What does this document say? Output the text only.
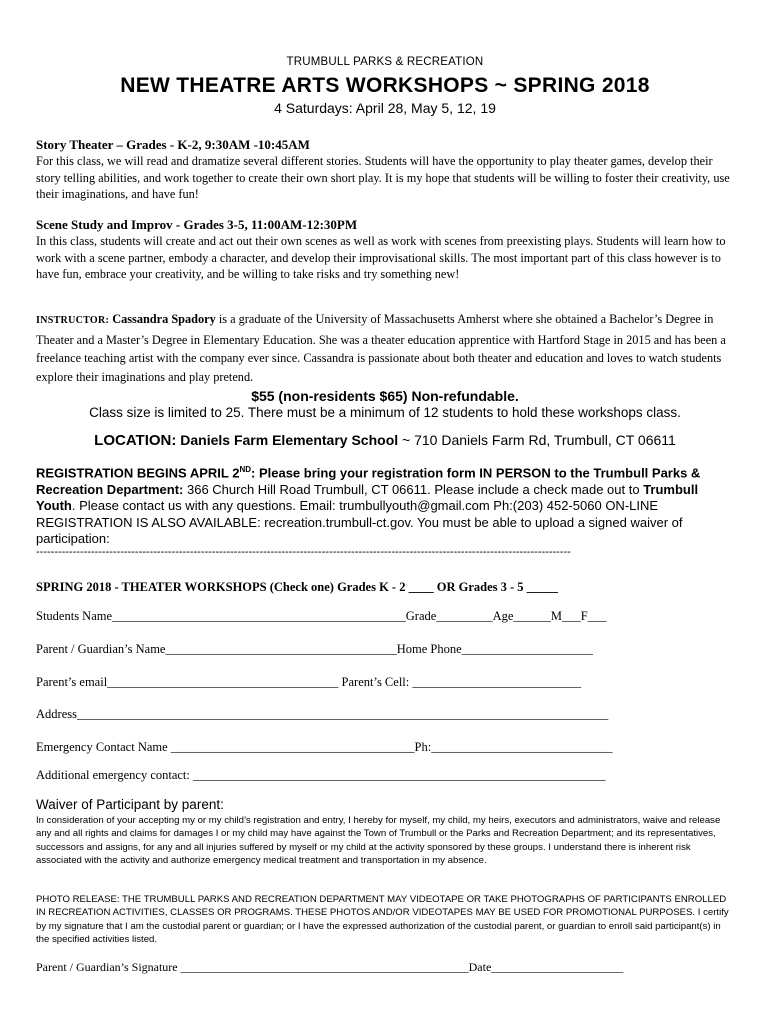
TRUMBULL PARKS & RECREATION
NEW THEATRE ARTS WORKSHOPS ~ SPRING 2018
4 Saturdays: April 28, May 5, 12, 19
Story Theater – Grades - K-2, 9:30AM -10:45AM
For this class, we will read and dramatize several different stories. Students will have the opportunity to play theater games, develop their story telling abilities, and work together to create their own short play. It is my hope that students will be willing to foster their creativity, use their imaginations, and have fun!
Scene Study and Improv - Grades 3-5, 11:00AM-12:30PM
In this class, students will create and act out their own scenes as well as work with scenes from preexisting plays. Students will learn how to work with a scene partner, embody a character, and develop their improvisational skills. The most important part of this class however is to have fun, embrace your creativity, and be willing to take risks and try something new!
INSTRUCTOR: Cassandra Spadory is a graduate of the University of Massachusetts Amherst where she obtained a Bachelor’s Degree in Theater and a Master’s Degree in Elementary Education. She was a theater education apprentice with Hartford Stage in 2015 and has been a freelance teaching artist with the company ever since. Cassandra is passionate about both theater and education and loves to watch students explore their imaginations and play pretend.
$55 (non-residents $65) Non-refundable.
Class size is limited to 25. There must be a minimum of 12 students to hold these workshops class.
LOCATION: Daniels Farm Elementary School ~ 710 Daniels Farm Rd, Trumbull, CT 06611
REGISTRATION BEGINS APRIL 2ND: Please bring your registration form IN PERSON to the Trumbull Parks & Recreation Department: 366 Church Hill Road Trumbull, CT 06611. Please include a check made out to Trumbull Youth. Please contact us with any questions. Email: trumbullyouth@gmail.com Ph:(203) 452-5060 ON-LINE REGISTRATION IS ALSO AVAILABLE: recreation.trumbull-ct.gov. You must be able to upload a signed waiver of participation:
--------------------------------------------------------------------------------------------------------------------------------------------------
SPRING 2018 - THEATER WORKSHOPS (Check one) Grades K - 2 ____ OR Grades 3 - 5 _____
Students Name_______________________________________________Grade_________Age______M___F___
Parent / Guardian’s Name_____________________________________Home Phone_____________________
Parent’s email_____________________________________ Parent’s Cell: ___________________________
Address_____________________________________________________________________________________
Emergency Contact Name _______________________________________Ph:_____________________________
Additional emergency contact: __________________________________________________________________
Waiver of Participant by parent:
In consideration of your accepting my or my child’s registration and entry, I hereby for myself, my child, my heirs, executors and administrators, waive and release any and all rights and claims for damages I or my child may have against the Town of Trumbull or the Parks and Recreation Department; and its representatives, successors and assigns, for any and all injuries suffered by myself or my child at the activity sponsored by these groups. I understand there is inherent risk associated with the activity and authorize emergency medical treatment and transportation in my absence.
PHOTO RELEASE: THE TRUMBULL PARKS AND RECREATION DEPARTMENT MAY VIDEOTAPE OR TAKE PHOTOGRAPHS OF PARTICIPANTS ENROLLED IN RECREATION ACTIVITIES, CLASSES OR PROGRAMS. THESE PHOTOS AND/OR VIDEOTAPES MAY BE USED FOR PROMOTIONAL PURPOSES. I certify by my signature that I am the custodial parent or guardian; or I have the expressed authorization of the custodial parent, or guardian to enroll said participant(s) in the specified activities listed.
Parent / Guardian’s Signature ________________________________________________Date______________________
